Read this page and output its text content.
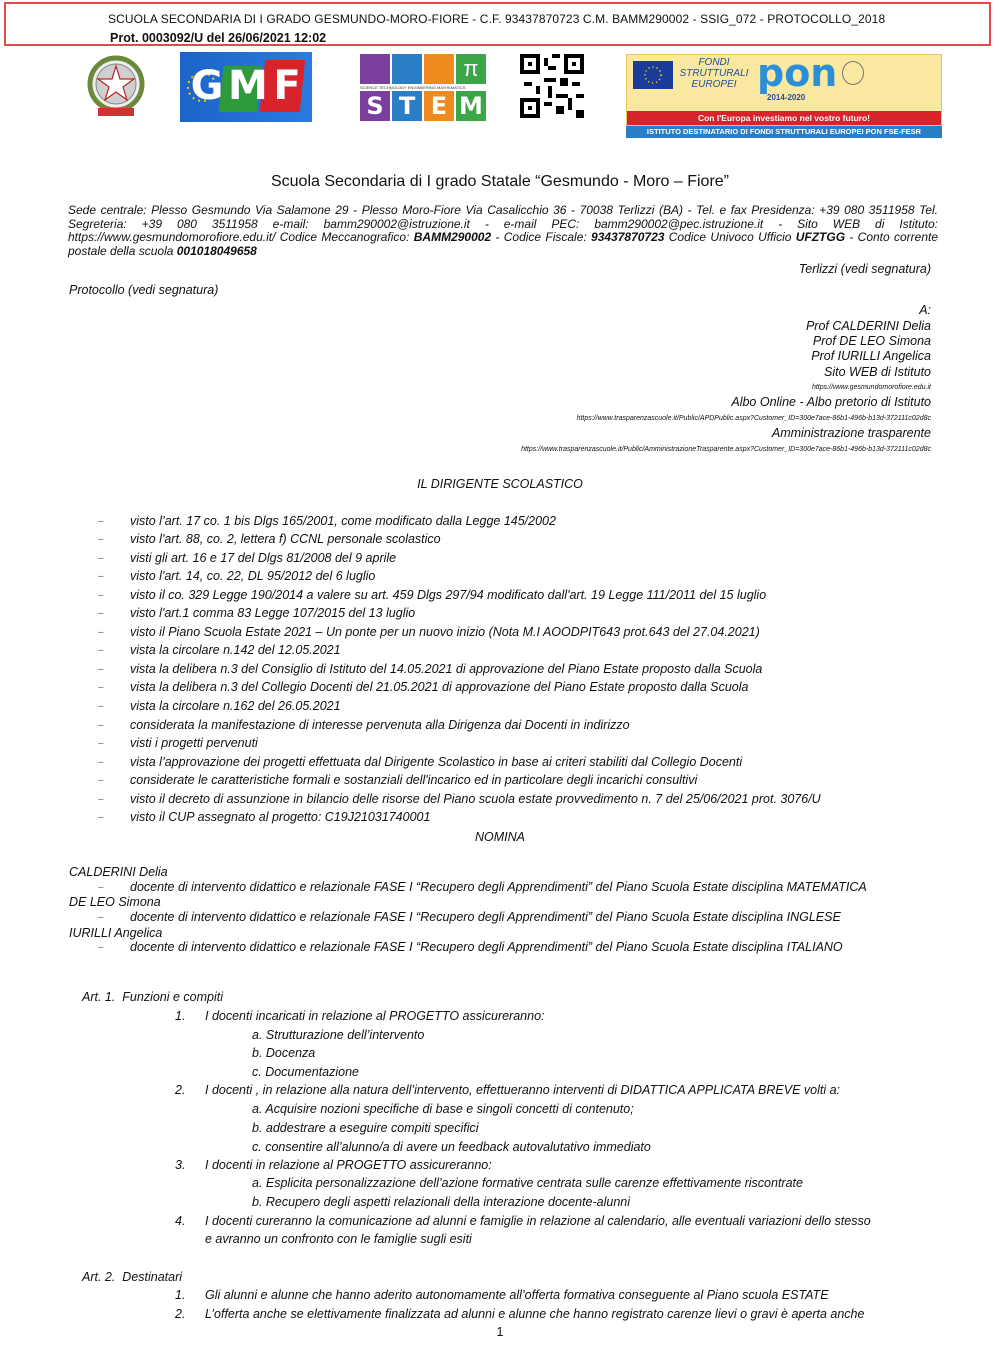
SCUOLA SECONDARIA DI I GRADO GESMUNDO-MORO-FIORE - C.F. 93437870723 C.M. BAMM290002 - SSIG_072 - PROTOCOLLO_2018
Prot. 0003092/U del 26/06/2021 12:02
G M F	π
SCIENCE TECHNOLOGY ENGINEERING MATHEMATICS
S T E M
FONDI
STRUTTURALI
EUROPEI pon
2014-2020
Con l'Europa investiamo nel vostro futuro!
ISTITUTO DESTINATARIO DI FONDI STRUTTURALI EUROPEI PON FSE-FESR
Scuola Secondaria di I grado Statale “Gesmundo - Moro – Fiore”
Sede centrale: Plesso Gesmundo Via Salamone 29 - Plesso Moro-Fiore Via Casalicchio 36 - 70038 Terlizzi (BA) - Tel. e fax Presidenza: +39 080 3511958 Tel. Segreteria: +39 080 3511958 e-mail: bamm290002@istruzione.it - e-mail PEC: bamm290002@pec.istruzione.it - Sito WEB di Istituto: https://www.gesmundomorofiore.edu.it/ Codice Meccanografico: BAMM290002 - Codice Fiscale: 93437870723 Codice Univoco Ufficio UFZTGG - Conto corrente postale della scuola 001018049658
Terlizzi (vedi segnatura)
Protocollo (vedi segnatura)
A:
Prof CALDERINI Delia
Prof DE LEO Simona
Prof IURILLI Angelica
Sito WEB di Istituto
https://www.gesmundomorofiore.edu.it
Albo Online - Albo pretorio di Istituto
https://www.trasparenzascuole.it/Public/APDPublic.aspx?Customer_ID=300e7ace-86b1-496b-b13d-372111c02d8c
Amministrazione trasparente
https://www.trasparenzascuole.it/Public/AmministrazioneTrasparente.aspx?Customer_ID=300e7ace-86b1-496b-b13d-372111c02d8c
IL DIRIGENTE SCOLASTICO
– visto l’art. 17 co. 1 bis Dlgs 165/2001, come modificato dalla Legge 145/2002
– visto l'art. 88, co. 2, lettera f) CCNL personale scolastico
– visti gli art. 16 e 17 del Dlgs 81/2008 del 9 aprile
– visto l'art. 14, co. 22, DL 95/2012 del 6 luglio
– visto il co. 329 Legge 190/2014 a valere su art. 459 Dlgs 297/94 modificato dall'art. 19 Legge 111/2011 del 15 luglio
– visto l'art.1 comma 83 Legge 107/2015 del 13 luglio
– visto il Piano Scuola Estate 2021 – Un ponte per un nuovo inizio (Nota M.I AOODPIT643 prot.643 del 27.04.2021)
– vista la circolare n.142 del 12.05.2021
– vista la delibera n.3 del Consiglio di Istituto del 14.05.2021 di approvazione del Piano Estate proposto dalla Scuola
– vista la delibera n.3 del Collegio Docenti del 21.05.2021 di approvazione del Piano Estate proposto dalla Scuola
– vista la circolare n.162 del 26.05.2021
– considerata la manifestazione di interesse pervenuta alla Dirigenza dai Docenti in indirizzo
– visti i progetti pervenuti
– vista l’approvazione dei progetti effettuata dal Dirigente Scolastico in base ai criteri stabiliti dal Collegio Docenti
– considerate le caratteristiche formali e sostanziali dell'incarico ed in particolare degli incarichi consultivi
– visto il decreto di assunzione in bilancio delle risorse del Piano scuola estate provvedimento n. 7 del 25/06/2021 prot. 3076/U
– visto il CUP assegnato al progetto: C19J21031740001
NOMINA
CALDERINI Delia
– docente di intervento didattico e relazionale FASE I “Recupero degli Apprendimenti” del Piano Scuola Estate disciplina MATEMATICA
DE LEO Simona
– docente di intervento didattico e relazionale FASE I “Recupero degli Apprendimenti” del Piano Scuola Estate disciplina INGLESE
IURILLI Angelica
– docente di intervento didattico e relazionale FASE I “Recupero degli Apprendimenti” del Piano Scuola Estate disciplina ITALIANO
Art. 1.  Funzioni e compiti
1. I docenti incaricati in relazione al PROGETTO assicureranno:
a. Strutturazione dell’intervento
b. Docenza
c. Documentazione
2. I docenti , in relazione alla natura dell’intervento, effettueranno interventi di DIDATTICA APPLICATA BREVE volti a:
a. Acquisire nozioni specifiche di base e singoli concetti di contenuto;
b. addestrare a eseguire compiti specifici
c. consentire all’alunno/a di avere un feedback autovalutativo immediato
3. I docenti in relazione al PROGETTO assicureranno:
a. Esplicita personalizzazione dell’azione formative centrata sulle carenze effettivamente riscontrate
b. Recupero degli aspetti relazionali della interazione docente-alunni
4. I docenti cureranno la comunicazione ad alunni e famiglie in relazione al calendario, alle eventuali variazioni dello stesso
e avranno un confronto con le famiglie sugli esiti
Art. 2.  Destinatari
1. Gli alunni e alunne che hanno aderito autonomamente all’offerta formativa conseguente al Piano scuola ESTATE
2. L’offerta anche se elettivamente finalizzata ad alunni e alunne che hanno registrato carenze lievi o gravi è aperta anche
1
